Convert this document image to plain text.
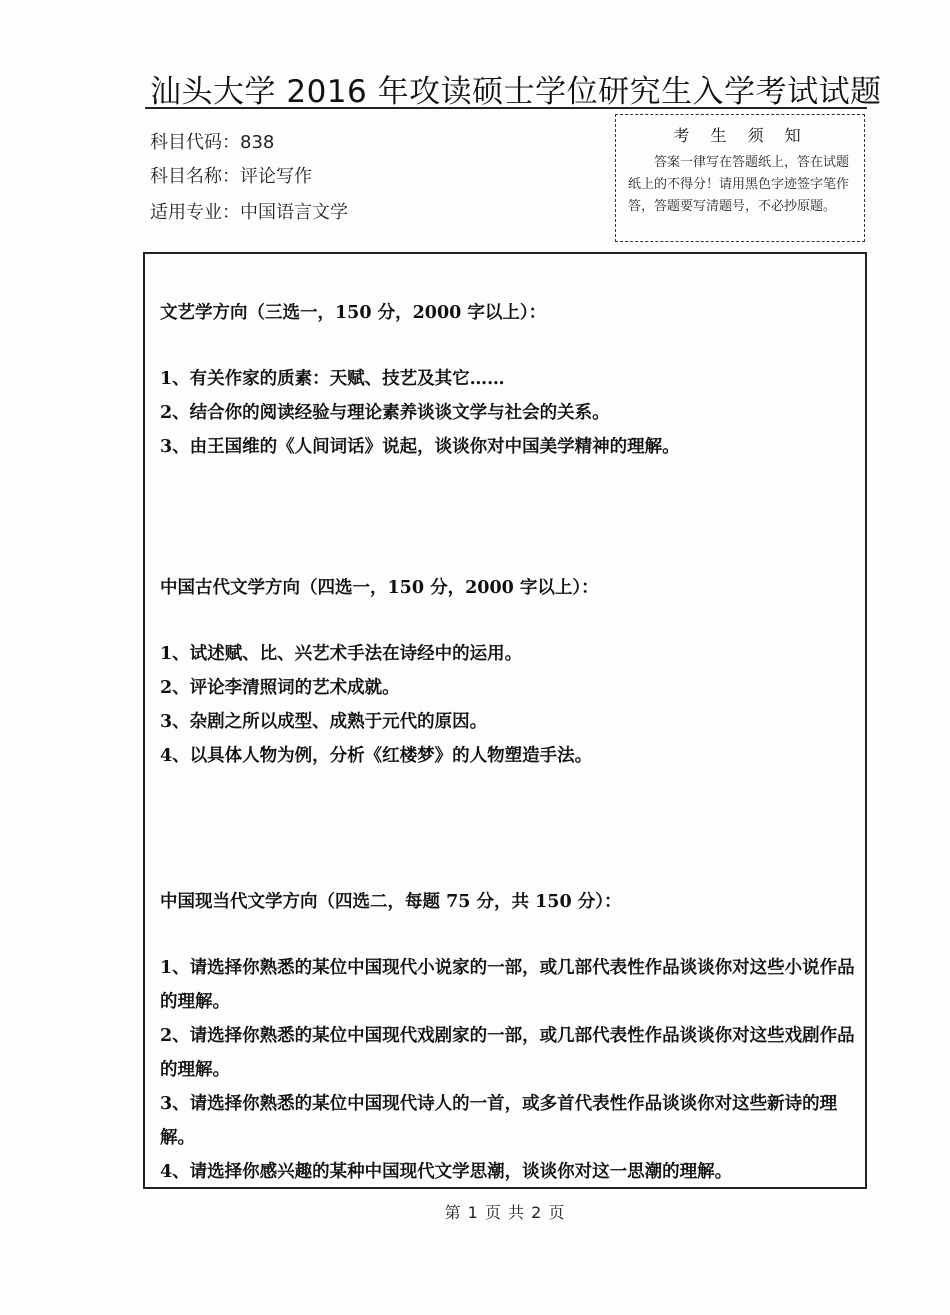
汕头大学 2016 年攻读硕士学位研究生入学考试试题
科目代码：838
科目名称：评论写作
适用专业：中国语言文学
考 生 须 知
答案一律写在答题纸上，答在试题纸上的不得分！请用黑色字迹签字笔作答，答题要写清题号，不必抄原题。
文艺学方向（三选一，150 分，2000 字以上）：
1、有关作家的质素：天赋、技艺及其它……
2、结合你的阅读经验与理论素养谈谈文学与社会的关系。
3、由王国维的《人间词话》说起，谈谈你对中国美学精神的理解。
中国古代文学方向（四选一，150 分，2000 字以上）：
1、试述赋、比、兴艺术手法在诗经中的运用。
2、评论李清照词的艺术成就。
3、杂剧之所以成型、成熟于元代的原因。
4、以具体人物为例，分析《红楼梦》的人物塑造手法。
中国现当代文学方向（四选二，每题 75 分，共 150 分）：
1、请选择你熟悉的某位中国现代小说家的一部，或几部代表性作品谈谈你对这些小说作品的理解。
2、请选择你熟悉的某位中国现代戏剧家的一部，或几部代表性作品谈谈你对这些戏剧作品的理解。
3、请选择你熟悉的某位中国现代诗人的一首，或多首代表性作品谈谈你对这些新诗的理解。
4、请选择你感兴趣的某种中国现代文学思潮，谈谈你对这一思潮的理解。
第 1 页 共 2 页
